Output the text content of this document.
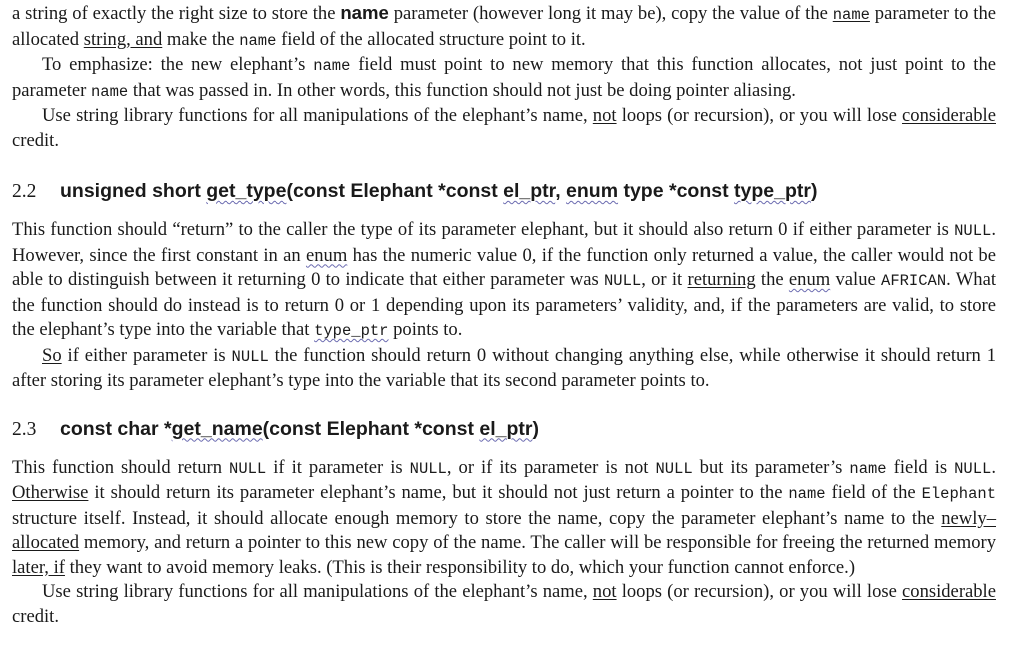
a string of exactly the right size to store the name parameter (however long it may be), copy the value of the name parameter to the allocated string, and make the name field of the allocated structure point to it.

To emphasize: the new elephant’s name field must point to new memory that this function allocates, not just point to the parameter name that was passed in. In other words, this function should not just be doing pointer aliasing.

Use string library functions for all manipulations of the elephant’s name, not loops (or recursion), or you will lose considerable credit.

2.2 unsigned short get_type(const Elephant *const el_ptr, enum type *const type_ptr)

This function should “return” to the caller the type of its parameter elephant, but it should also return 0 if either parameter is NULL. However, since the first constant in an enum has the numeric value 0, if the function only returned a value, the caller would not be able to distinguish between it returning 0 to indicate that either parameter was NULL, or it returning the enum value AFRICAN. What the function should do instead is to return 0 or 1 depending upon its parameters’ validity, and, if the parameters are valid, to store the elephant’s type into the variable that type_ptr points to.

So if either parameter is NULL the function should return 0 without changing anything else, while otherwise it should return 1 after storing its parameter elephant’s type into the variable that its second parameter points to.

2.3 const char *get_name(const Elephant *const el_ptr)

This function should return NULL if it parameter is NULL, or if its parameter is not NULL but its parameter’s name field is NULL. Otherwise it should return its parameter elephant’s name, but it should not just return a pointer to the name field of the Elephant structure itself. Instead, it should allocate enough memory to store the name, copy the parameter elephant’s name to the newly–allocated memory, and return a pointer to this new copy of the name. The caller will be responsible for freeing the returned memory later, if they want to avoid memory leaks. (This is their responsibility to do, which your function cannot enforce.)

Use string library functions for all manipulations of the elephant’s name, not loops (or recursion), or you will lose considerable credit.
